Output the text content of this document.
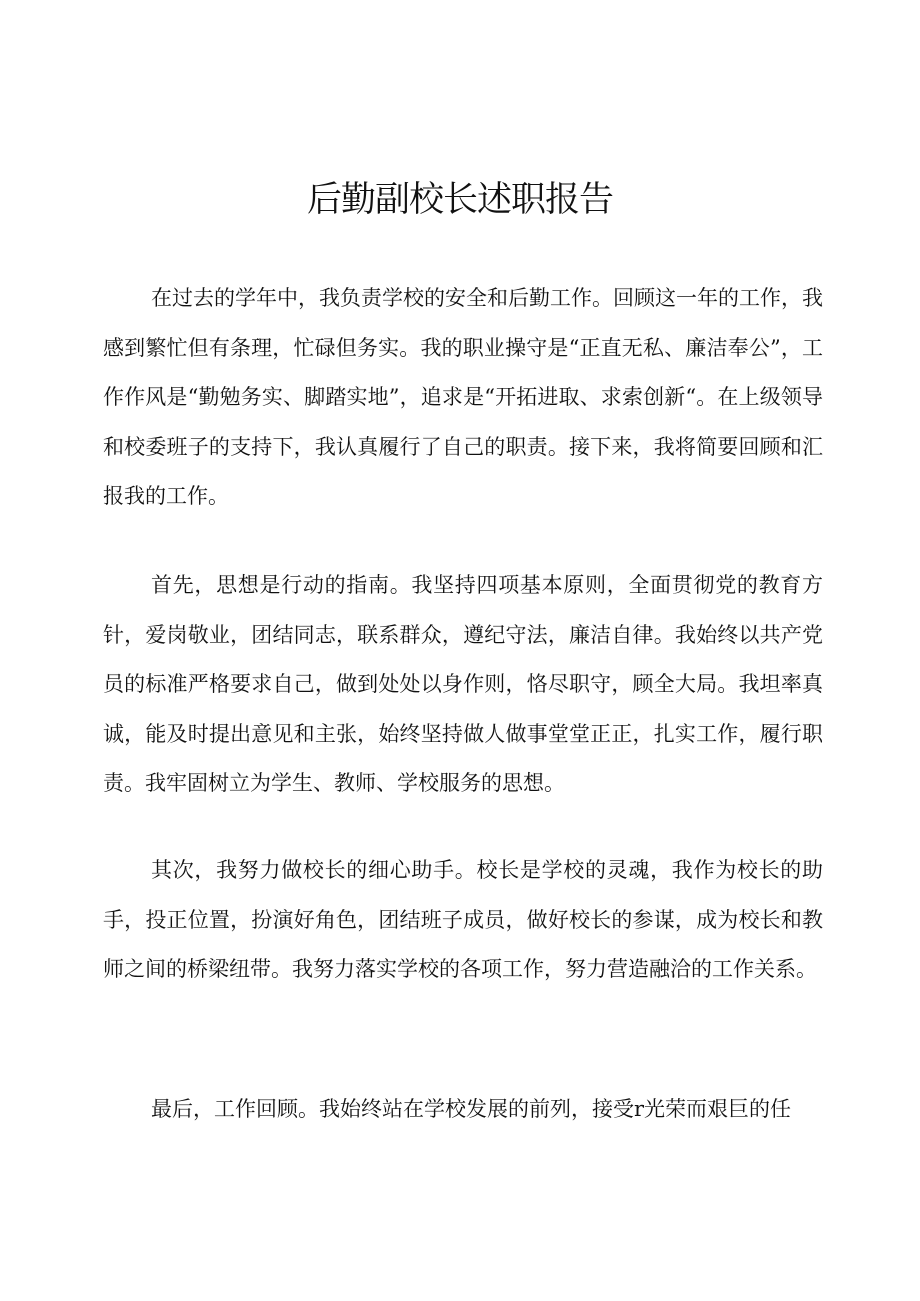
后勤副校长述职报告

在过去的学年中，我负责学校的安全和后勤工作。回顾这一年的工作，我感到繁忙但有条理，忙碌但务实。我的职业操守是“正直无私、廉洁奉公”，工作作风是“勤勉务实、脚踏实地”，追求是“开拓进取、求索创新“。在上级领导和校委班子的支持下，我认真履行了自己的职责。接下来，我将简要回顾和汇报我的工作。

首先，思想是行动的指南。我坚持四项基本原则，全面贯彻党的教育方针，爱岗敬业，团结同志，联系群众，遵纪守法，廉洁自律。我始终以共产党员的标准严格要求自己，做到处处以身作则，恪尽职守，顾全大局。我坦率真诚，能及时提出意见和主张，始终坚持做人做事堂堂正正，扎实工作，履行职责。我牢固树立为学生、教师、学校服务的思想。

其次，我努力做校长的细心助手。校长是学校的灵魂，我作为校长的助手，投正位置，扮演好角色，团结班子成员，做好校长的参谋，成为校长和教师之间的桥梁纽带。我努力落实学校的各项工作，努力营造融洽的工作关系。

最后，工作回顾。我始终站在学校发展的前列，接受r光荣而艰巨的任
